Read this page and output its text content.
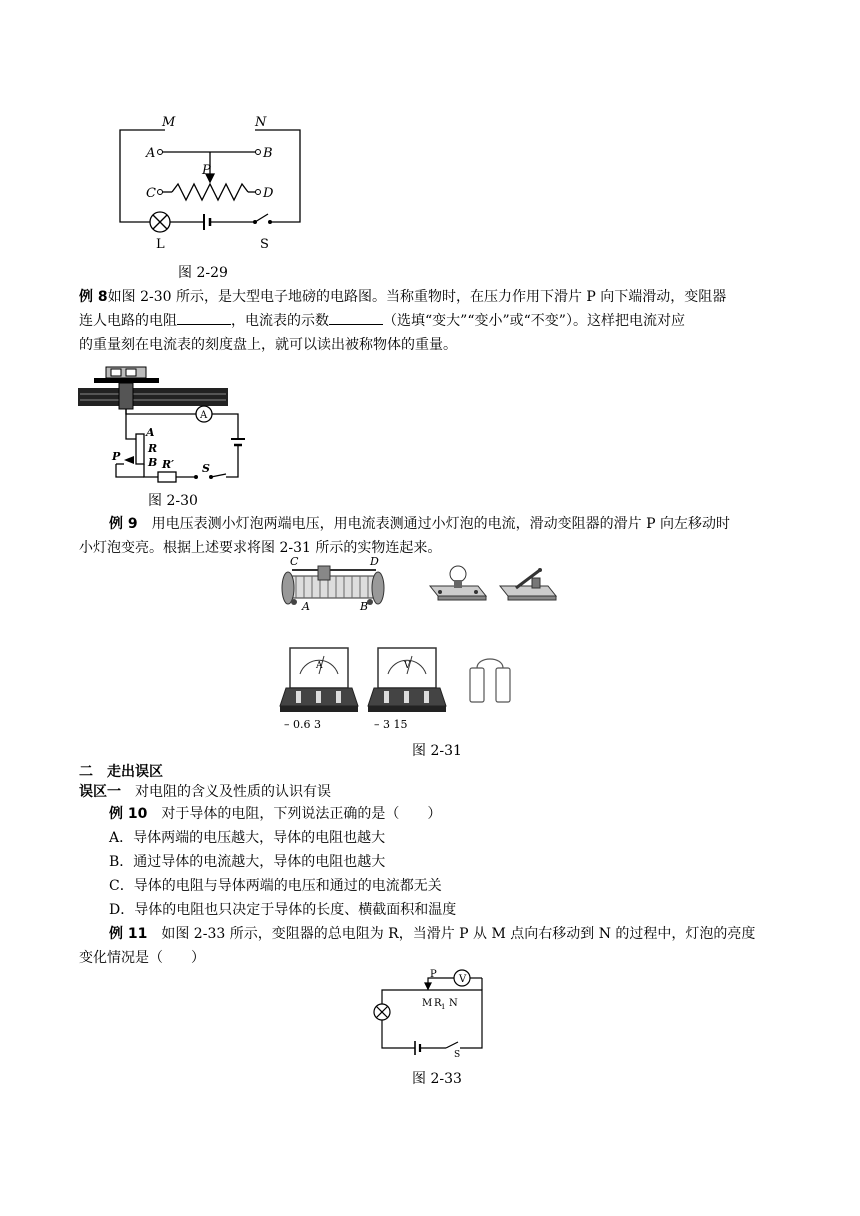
M	N
A	B
P
C	D
L	S
图 2-29
例 8如图 2-30 所示，是大型电子地磅的电路图。当称重物时，在压力作用下滑片 P 向下端滑动，变阻器
连人电路的电阻	，电流表的示数	（选填“变大”“变小”或“不变”）。这样把电流对应
的重量刻在电流表的刻度盘上，就可以读出被称物体的重量。
A
A
R
P	B R′	S
图 2-30
例 9　 用电压表测小灯泡两端电压，用电流表测通过小灯泡的电流，滑动变阻器的滑片 P 向左移动时
小灯泡变亮。根据上述要求将图 2-31 所示的实物连起来。
C	D
A	B
A
– 0.6 3
V
– 3 15
图 2-31
二　走出误区
误区一　 对电阻的含义及性质的认识有误
例 10　 对于导体的电阻，下列说法正确的是（　　）
A．导体两端的电压越大，导体的电阻也越大
B．通过导体的电流越大，导体的电阻也越大
C．导体的电阻与导体两端的电压和通过的电流都无关
D．导体的电阻也只决定于导体的长度、横截面积和温度
例 11　 如图 2-33 所示，变阻器的总电阻为 R，当滑片 P 从 M 点向右移动到 N 的过程中，灯泡的亮度
变化情况是（　　）
V
P
M R 1 N
S
图 2-33
